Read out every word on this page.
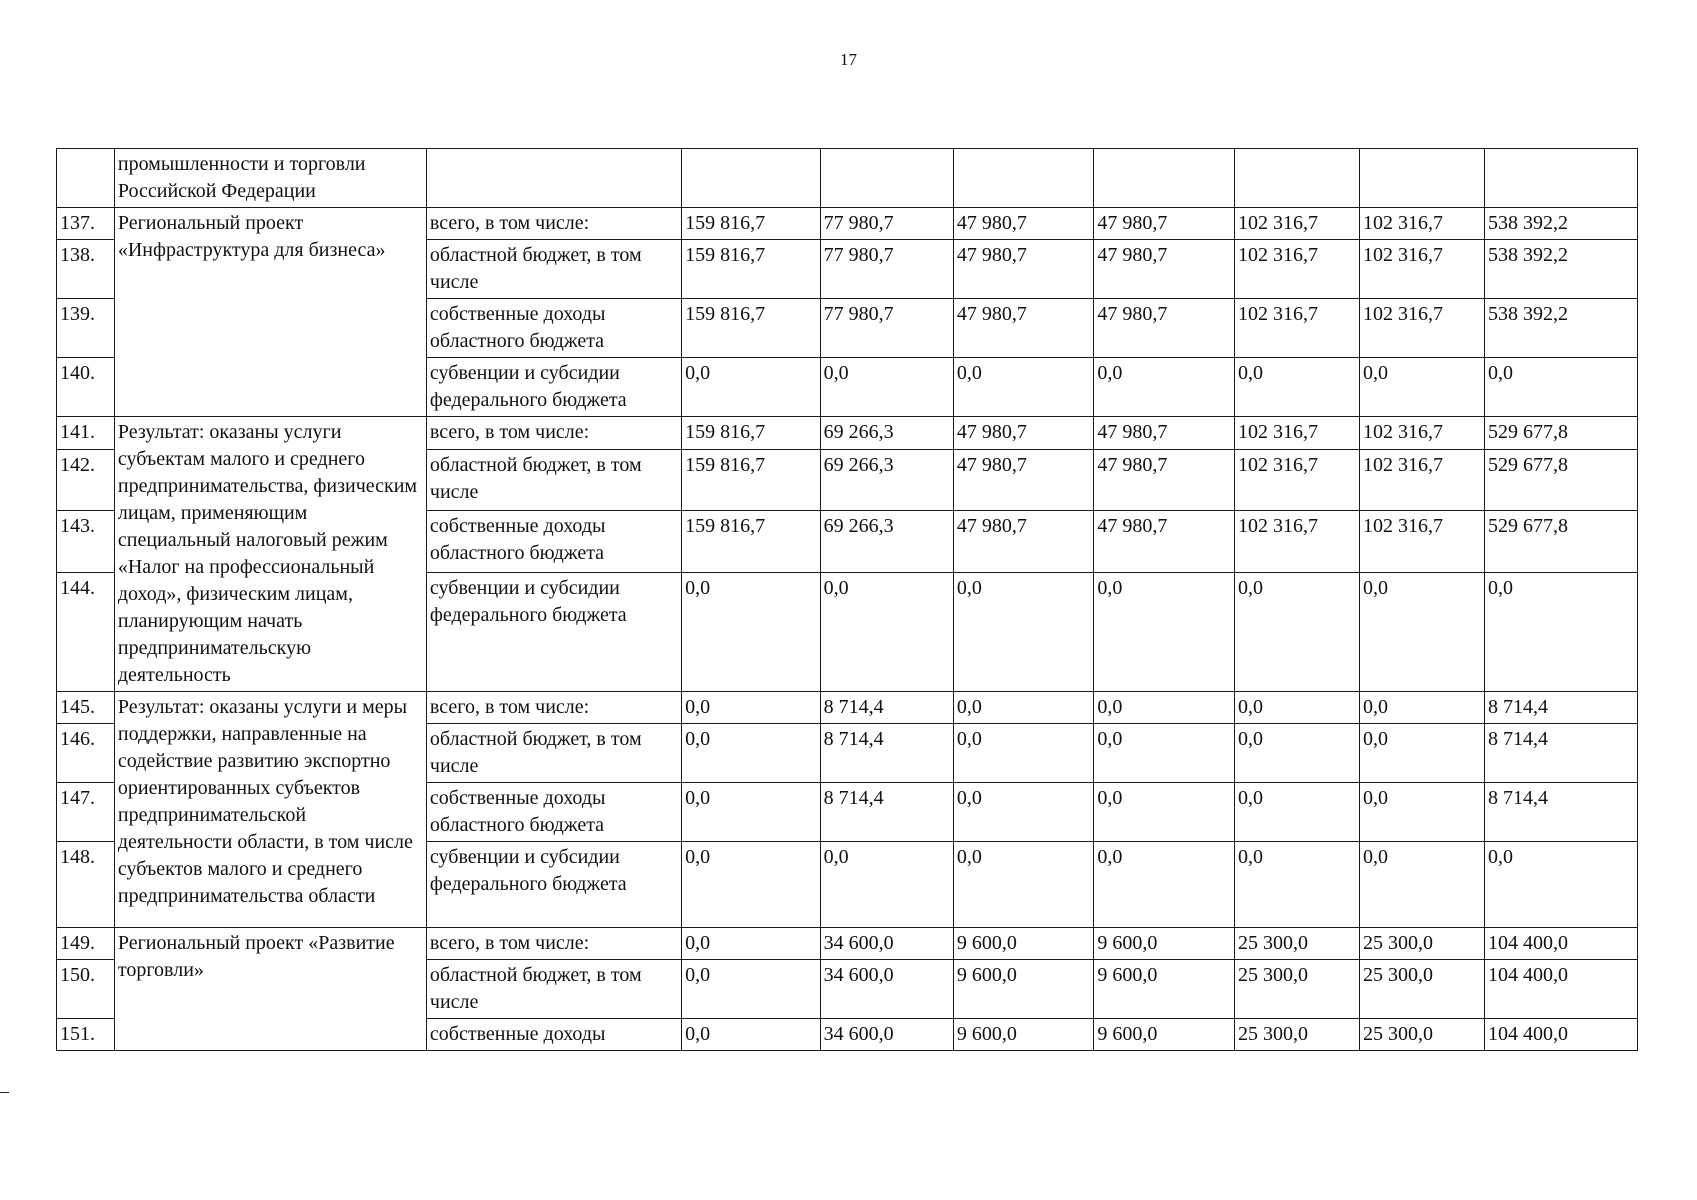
17
	промышленности и торговли Российской Федерации								
137.	Региональный проект «Инфраструктура для бизнеса»	всего, в том числе:	159 816,7	77 980,7	47 980,7	47 980,7	102 316,7	102 316,7	538 392,2
138.		областной бюджет, в том числе	159 816,7	77 980,7	47 980,7	47 980,7	102 316,7	102 316,7	538 392,2
139.		собственные доходы областного бюджета	159 816,7	77 980,7	47 980,7	47 980,7	102 316,7	102 316,7	538 392,2
140.		субвенции и субсидии федерального бюджета	0,0	0,0	0,0	0,0	0,0	0,0	0,0
141.	Результат: оказаны услуги субъектам малого и среднего предпринимательства, физическим лицам, применяющим специальный налоговый режим «Налог на профессиональный доход», физическим лицам, планирующим начать предпринимательскую деятельность	всего, в том числе:	159 816,7	69 266,3	47 980,7	47 980,7	102 316,7	102 316,7	529 677,8
142.		областной бюджет, в том числе	159 816,7	69 266,3	47 980,7	47 980,7	102 316,7	102 316,7	529 677,8
143.		собственные доходы областного бюджета	159 816,7	69 266,3	47 980,7	47 980,7	102 316,7	102 316,7	529 677,8
144.		субвенции и субсидии федерального бюджета	0,0	0,0	0,0	0,0	0,0	0,0	0,0
145.	Результат: оказаны услуги и меры поддержки, направленные на содействие развитию экспортно ориентированных субъектов предпринимательской деятельности области, в том числе субъектов малого и среднего предпринимательства области	всего, в том числе:	0,0	8 714,4	0,0	0,0	0,0	0,0	8 714,4
146.		областной бюджет, в том числе	0,0	8 714,4	0,0	0,0	0,0	0,0	8 714,4
147.		собственные доходы областного бюджета	0,0	8 714,4	0,0	0,0	0,0	0,0	8 714,4
148.		субвенции и субсидии федерального бюджета	0,0	0,0	0,0	0,0	0,0	0,0	0,0
149.	Региональный проект «Развитие торговли»	всего, в том числе:	0,0	34 600,0	9 600,0	9 600,0	25 300,0	25 300,0	104 400,0
150.		областной бюджет, в том числе	0,0	34 600,0	9 600,0	9 600,0	25 300,0	25 300,0	104 400,0
151.		собственные доходы	0,0	34 600,0	9 600,0	9 600,0	25 300,0	25 300,0	104 400,0
